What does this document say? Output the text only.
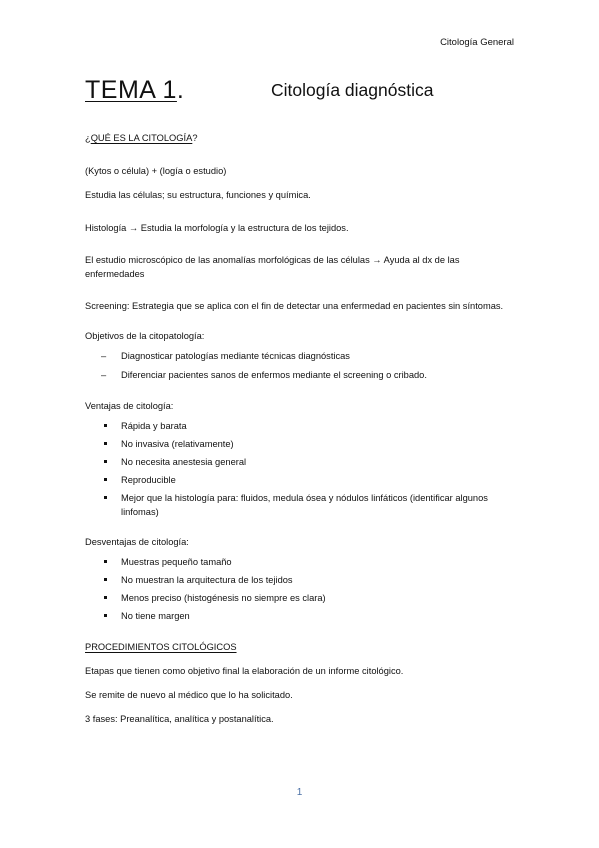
Citología General
TEMA 1.	Citología diagnóstica

¿QUÉ ES LA CITOLOGÍA?

(Kytos o célula) + (logía o estudio)

Estudia las células; su estructura, funciones y química.

Histología → Estudia la morfología y la estructura de los tejidos.

El estudio microscópico de las anomalías morfológicas de las células → Ayuda al dx de las enfermedades

Screening: Estrategia que se aplica con el fin de detectar una enfermedad en pacientes sin síntomas.

Objetivos de la citopatología:

–
Diagnosticar patologías mediante técnicas diagnósticas
–
Diferenciar pacientes sanos de enfermos mediante el screening o cribado.

Ventajas de citología:

Rápida y barata
No invasiva (relativamente)
No necesita anestesia general
Reproducible
Mejor que la histología para: fluidos, medula ósea y nódulos linfáticos (identificar algunos linfomas)

Desventajas de citología:

Muestras pequeño tamaño
No muestran la arquitectura de los tejidos
Menos preciso (histogénesis no siempre es clara)
No tiene margen

PROCEDIMIENTOS CITOLÓGICOS

Etapas que tienen como objetivo final la elaboración de un informe citológico.

Se remite de nuevo al médico que lo ha solicitado.

3 fases: Preanalítica, analítica y postanalítica.

1
